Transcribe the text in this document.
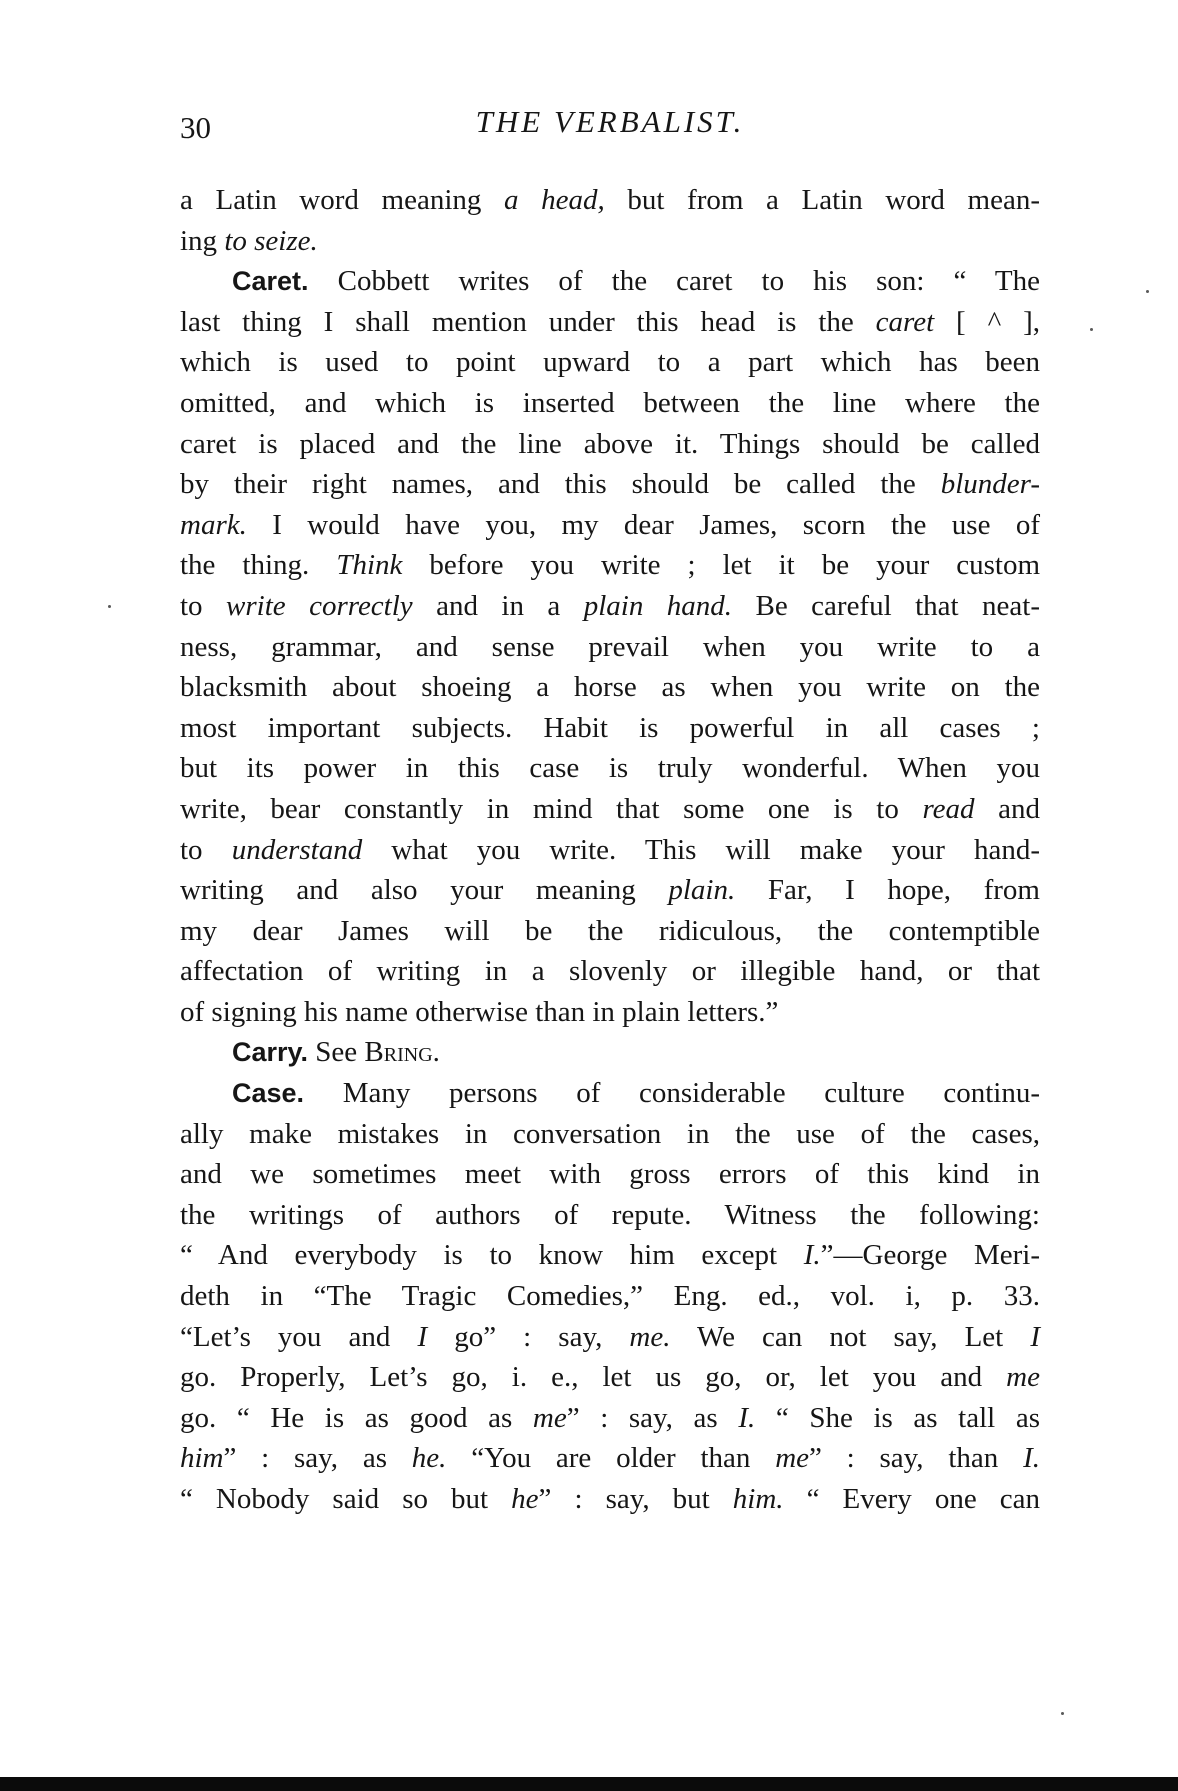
30	THE VERBALIST.

a Latin word meaning a head, but from a Latin word mean-
ing to seize.

Caret. Cobbett writes of the caret to his son: “ The
last thing I shall mention under this head is the caret [ ^ ],
which is used to point upward to a part which has been
omitted, and which is inserted between the line where the
caret is placed and the line above it. Things should be called
by their right names, and this should be called the blunder-
mark. I would have you, my dear James, scorn the use of
the thing. Think before you write ; let it be your custom
to write correctly and in a plain hand. Be careful that neat-
ness, grammar, and sense prevail when you write to a
blacksmith about shoeing a horse as when you write on the
most important subjects. Habit is powerful in all cases ;
but its power in this case is truly wonderful. When you
write, bear constantly in mind that some one is to read and
to understand what you write. This will make your hand-
writing and also your meaning plain. Far, I hope, from
my dear James will be the ridiculous, the contemptible
affectation of writing in a slovenly or illegible hand, or that
of signing his name otherwise than in plain letters.”

Carry. See Bring.

Case. Many persons of considerable culture continu-
ally make mistakes in conversation in the use of the cases,
and we sometimes meet with gross errors of this kind in
the writings of authors of repute. Witness the following:
“ And everybody is to know him except I.”—George Meri-
deth in “The Tragic Comedies,” Eng. ed., vol. i, p. 33.
“Let’s you and I go” : say, me. We can not say, Let I
go. Properly, Let’s go, i. e., let us go, or, let you and me
go. “ He is as good as me” : say, as I. “ She is as tall as
him” : say, as he. “You are older than me” : say, than I.
“ Nobody said so but he” : say, but him. “ Every one can
